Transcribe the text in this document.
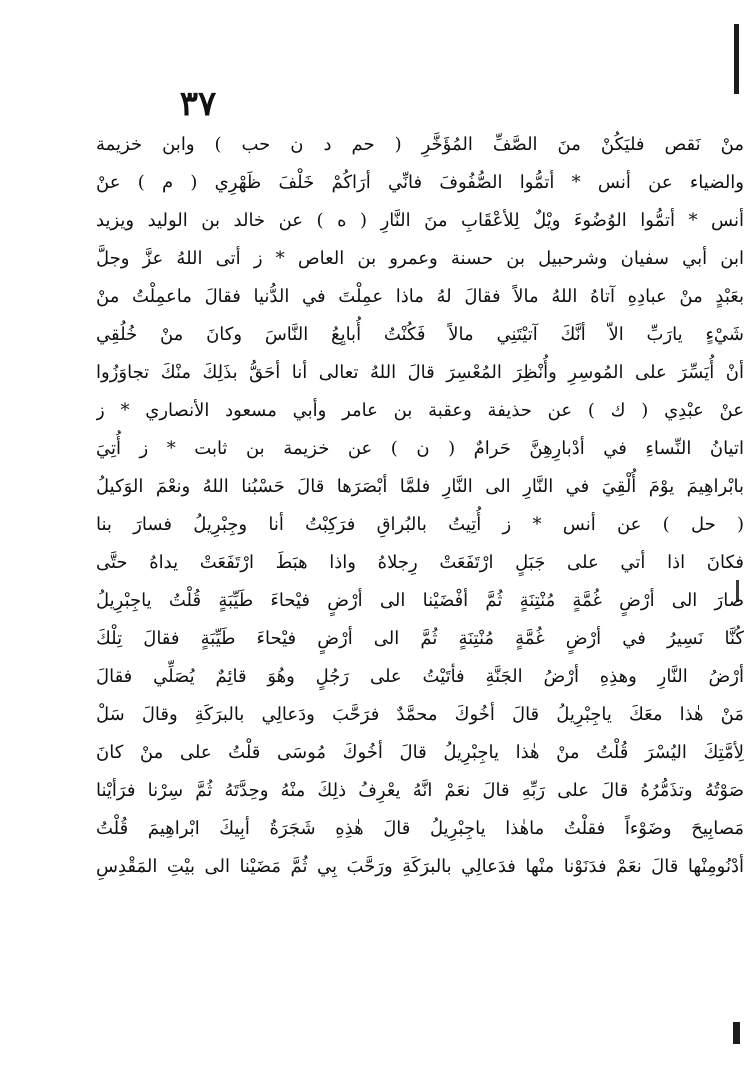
٣٧
منْ نَقص فليَكُنْ منَ الصَّفِّ المُؤَخَّرِ ( حم د ن حب ) وابن خزيمة
والضياء عن أنس * أتمُّوا الصُّفُوفَ فانِّي أرَاكُمْ خَلْفَ ظَهْرِي ( م ) عنْ
أنس * أتمُّوا الوُضُوءَ ويْلٌ لِلأعْقَابِ منَ النَّارِ ( ه ) عن خالد بن الوليد ويزيد
ابن أبي سفيان وشرحبيل بن حسنة وعمرو بن العاص * ز أتى اللهُ عزَّ وجلَّ
بعَبْدٍ منْ عبادِهِ آتاهُ اللهُ مالاً فقالَ لهُ ماذا عمِلْتَ في الدُّنيا فقالَ ماعمِلْتُ منْ
شَيْءٍ يارَبِّ الاّ أنَّكَ آتيْتَنِي مالاً فَكُنْتُ أُبايِعُ النَّاسَ وكانَ منْ خُلُقِي
أنْ أُيَسِّرَ على المُوسِرِ وأُنْظِرَ المُعْسِرَ قالَ اللهُ تعالى أنا أحَقُّ بذَلِكَ منْكَ تجاوَزُوا
عنْ عبْدِي ( ك ) عن حذيفة وعقبة بن عامر وأبي مسعود الأنصاري * ز
اتيانُ النِّساءِ في أدْبارِهِنَّ حَرامٌ ( ن ) عن خزيمة بن ثابت * ز أُتِيَ
بابْراهِيمَ يوْمَ أُلْقِيَ في النَّارِ الى النَّارِ فلمَّا أبْصَرَها قالَ حَسْبُنا اللهُ ونعْمَ الوَكيلُ
( حل ) عن أنس * ز أُتِيتُ بالبُراقِ فرَكِبْتُ أنا وجِبْرِيلُ فسارَ بنا
فكانَ اذا أتي على جَبَلٍ ارْتَفَعَتْ رِجلاهُ واذا هبَطَ ارْتَفَعَتْ يداهُ حتَّى
صارَ الى أرْضٍ غُمَّةٍ مُنْتِنَةٍ ثُمَّ أفْضَيْنا الى أرْضٍ فيْحاءَ طَيِّبَةٍ قُلْتُ ياجِبْرِيلُ
كُنَّا نَسِيرُ في أرْضٍ غُمَّةٍ مُنْتِنَةٍ ثُمَّ الى أرْضٍ فيْحاءَ طَيِّبَةٍ فقالَ تِلْكَ
أرْضُ النَّارِ وهذِهِ أرْضُ الجَنَّةِ فأتَيْتُ على رَجُلٍ وهُوَ قائِمٌ يُصَلِّي فقالَ
مَنْ هٰذا معَكَ ياجِبْرِيلُ قالَ أخُوكَ محمَّدٌ فرَحَّبَ ودَعالِي بالبرَكَةِ وقالَ سَلْ
لِأمَّتِكَ اليُسْرَ قُلْتُ منْ هٰذا ياجِبْرِيلُ قالَ أخُوكَ مُوسَى قلْتُ على منْ كانَ
صَوْتُهُ وتذَمُّرُهُ قالَ على رَبِّهِ قالَ نعَمْ انَّهُ يعْرِفُ ذلِكَ منْهُ وحِدَّتَهُ ثُمَّ سِرْنا فرَأيْنا
مَصابِيحَ وضَوْءاً فقلْتُ ماهٰذا ياجِبْرِيلُ قالَ هٰذِهِ شَجَرَةُ أبِيكَ ابْراهِيمَ قُلْتُ
أدْنُومِنْها قالَ نعَمْ فدَنَوْنا منْها فدَعالِي بالبرَكَةِ ورَحَّبَ بِي ثُمَّ مَضَيْنا الى بيْتِ المَقْدِسِ
